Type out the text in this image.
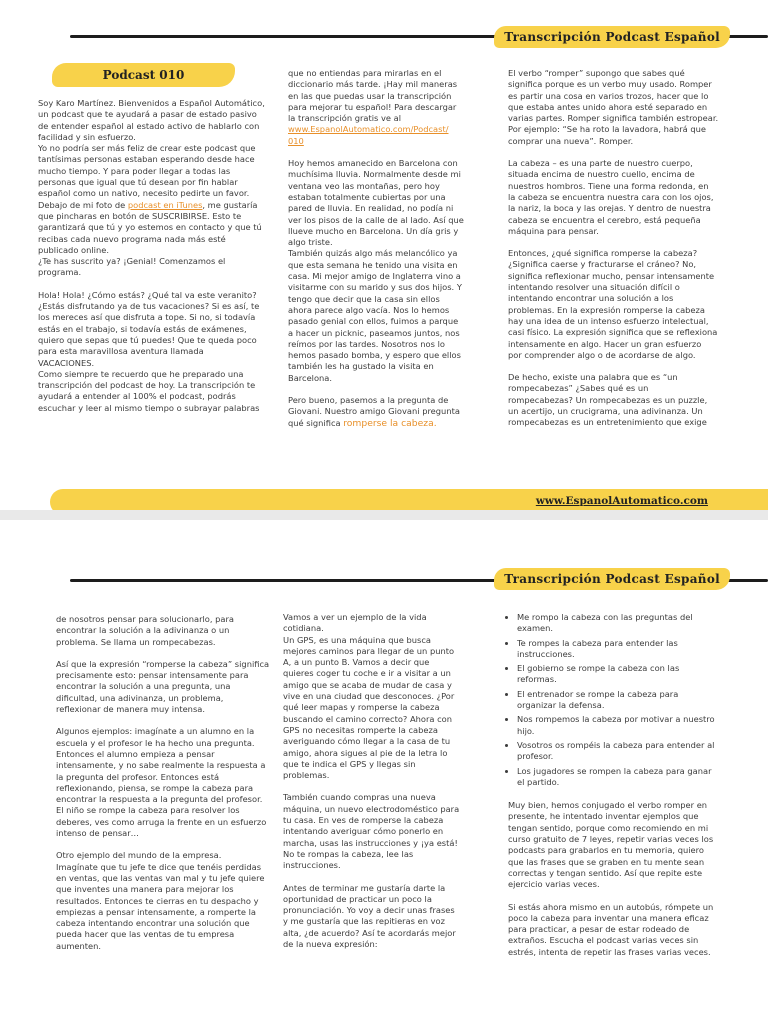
Transcripción Podcast Español
Podcast 010

Soy Karo Martínez. Bienvenidos a Español Automático,
un podcast que te ayudará a pasar de estado pasivo
de entender español al estado activo de hablarlo con
facilidad y sin esfuerzo.
Yo no podría ser más feliz de crear este podcast que
tantísimas personas estaban esperando desde hace
mucho tiempo. Y para poder llegar a todas las
personas que igual que tú desean por fin hablar
español como un nativo, necesito pedirte un favor.
Debajo de mi foto de podcast en iTunes, me gustaría
que pincharas en botón de SUSCRIBIRSE. Esto te
garantizará que tú y yo estemos en contacto y que tú
recibas cada nuevo programa nada más esté
publicado online.
¿Te has suscrito ya? ¡Genial! Comenzamos el
programa.

Hola! Hola! ¿Cómo estás? ¿Qué tal va este veranito?
¿Estás disfrutando ya de tus vacaciones? Si es así, te
los mereces así que disfruta a tope. Si no, si todavía
estás en el trabajo, si todavía estás de exámenes,
quiero que sepas que tú puedes! Que te queda poco
para esta maravillosa aventura llamada
VACACIONES.
Como siempre te recuerdo que he preparado una
transcripción del podcast de hoy. La transcripción te
ayudará a entender al 100% el podcast, podrás
escuchar y leer al mismo tiempo o subrayar palabras

que no entiendas para mirarlas en el
diccionario más tarde. ¡Hay mil maneras
en las que puedas usar la transcripción
para mejorar tu español! Para descargar
la transcripción gratis ve al
www.EspanolAutomatico.com/Podcast/
010

Hoy hemos amanecido en Barcelona con
muchísima lluvia. Normalmente desde mi
ventana veo las montañas, pero hoy
estaban totalmente cubiertas por una
pared de lluvia. En realidad, no podía ni
ver los pisos de la calle de al lado. Así que
llueve mucho en Barcelona. Un día gris y
algo triste.
También quizás algo más melancólico ya
que esta semana he tenido una visita en
casa. Mi mejor amigo de Inglaterra vino a
visitarme con su marido y sus dos hijos. Y
tengo que decir que la casa sin ellos
ahora parece algo vacía. Nos lo hemos
pasado genial con ellos, fuimos a parque
a hacer un picknic, paseamos juntos, nos
reímos por las tardes. Nosotros nos lo
hemos pasado bomba, y espero que ellos
también les ha gustado la visita en
Barcelona.

Pero bueno, pasemos a la pregunta de
Giovani. Nuestro amigo Giovani pregunta
qué significa romperse la cabeza.

El verbo “romper” supongo que sabes qué
significa porque es un verbo muy usado. Romper
es partir una cosa en varios trozos, hacer que lo
que estaba antes unido ahora esté separado en
varias partes. Romper significa también estropear.
Por ejemplo: “Se ha roto la lavadora, habrá que
comprar una nueva”. Romper.

La cabeza – es una parte de nuestro cuerpo,
situada encima de nuestro cuello, encima de
nuestros hombros. Tiene una forma redonda, en
la cabeza se encuentra nuestra cara con los ojos,
la nariz, la boca y las orejas. Y dentro de nuestra
cabeza se encuentra el cerebro, está pequeña
máquina para pensar.

Entonces, ¿qué significa romperse la cabeza?
¿Significa caerse y fracturarse el cráneo? No,
significa reflexionar mucho, pensar intensamente
intentando resolver una situación difícil o
intentando encontrar una solución a los
problemas. En la expresión romperse la cabeza
hay una idea de un intenso esfuerzo intelectual,
casi físico. La expresión significa que se reflexiona
intensamente en algo. Hacer un gran esfuerzo
por comprender algo o de acordarse de algo.

De hecho, existe una palabra que es “un
rompecabezas” ¿Sabes qué es un
rompecabezas? Un rompecabezas es un puzzle,
un acertijo, un crucigrama, una adivinanza. Un
rompecabezas es un entretenimiento que exige

www.EspanolAutomatico.com
Transcripción Podcast Español

de nosotros pensar para solucionarlo, para
encontrar la solución a la adivinanza o un
problema. Se llama un rompecabezas.

Así que la expresión “romperse la cabeza” significa
precisamente esto: pensar intensamente para
encontrar la solución a una pregunta, una
dificultad, una adivinanza, un problema,
reflexionar de manera muy intensa.

Algunos ejemplos: imagínate a un alumno en la
escuela y el profesor le ha hecho una pregunta.
Entonces el alumno empieza a pensar
intensamente, y no sabe realmente la respuesta a
la pregunta del profesor. Entonces está
reflexionando, piensa, se rompe la cabeza para
encontrar la respuesta a la pregunta del profesor.
El niño se rompe la cabeza para resolver los
deberes, ves como arruga la frente en un esfuerzo
intenso de pensar…

Otro ejemplo del mundo de la empresa.
Imagínate que tu jefe te dice que tenéis perdidas
en ventas, que las ventas van mal y tu jefe quiere
que inventes una manera para mejorar los
resultados. Entonces te cierras en tu despacho y
empiezas a pensar intensamente, a romperte la
cabeza intentando encontrar una solución que
pueda hacer que las ventas de tu empresa
aumenten.

Vamos a ver un ejemplo de la vida
cotidiana.
Un GPS, es una máquina que busca
mejores caminos para llegar de un punto
A, a un punto B. Vamos a decir que
quieres coger tu coche e ir a visitar a un
amigo que se acaba de mudar de casa y
vive en una ciudad que desconoces. ¿Por
qué leer mapas y romperse la cabeza
buscando el camino correcto? Ahora con
GPS no necesitas romperte la cabeza
averiguando cómo llegar a la casa de tu
amigo, ahora sigues al pie de la letra lo
que te indica el GPS y llegas sin
problemas.

También cuando compras una nueva
máquina, un nuevo electrodoméstico para
tu casa. En ves de romperse la cabeza
intentando averiguar cómo ponerlo en
marcha, usas las instrucciones y ¡ya está!
No te rompas la cabeza, lee las
instrucciones.

Antes de terminar me gustaría darte la
oportunidad de practicar un poco la
pronunciación. Yo voy a decir unas frases
y me gustaría que las repitieras en voz
alta, ¿de acuerdo? Así te acordarás mejor
de la nueva expresión:

• Me rompo la cabeza con las preguntas del
examen.
• Te rompes la cabeza para entender las
instrucciones.
• El gobierno se rompe la cabeza con las
reformas.
• El entrenador se rompe la cabeza para
organizar la defensa.
• Nos rompemos la cabeza por motivar a nuestro
hijo.
• Vosotros os rompéis la cabeza para entender al
profesor.
• Los jugadores se rompen la cabeza para ganar
el partido.

Muy bien, hemos conjugado el verbo romper en
presente, he intentado inventar ejemplos que
tengan sentido, porque como recomiendo en mi
curso gratuito de 7 leyes, repetir varias veces los
podcasts para grabarlos en tu memoria, quiero
que las frases que se graben en tu mente sean
correctas y tengan sentido. Así que repite este
ejercicio varias veces.

Si estás ahora mismo en un autobús, rómpete un
poco la cabeza para inventar una manera eficaz
para practicar, a pesar de estar rodeado de
extraños. Escucha el podcast varias veces sin
estrés, intenta de repetir las frases varias veces.
